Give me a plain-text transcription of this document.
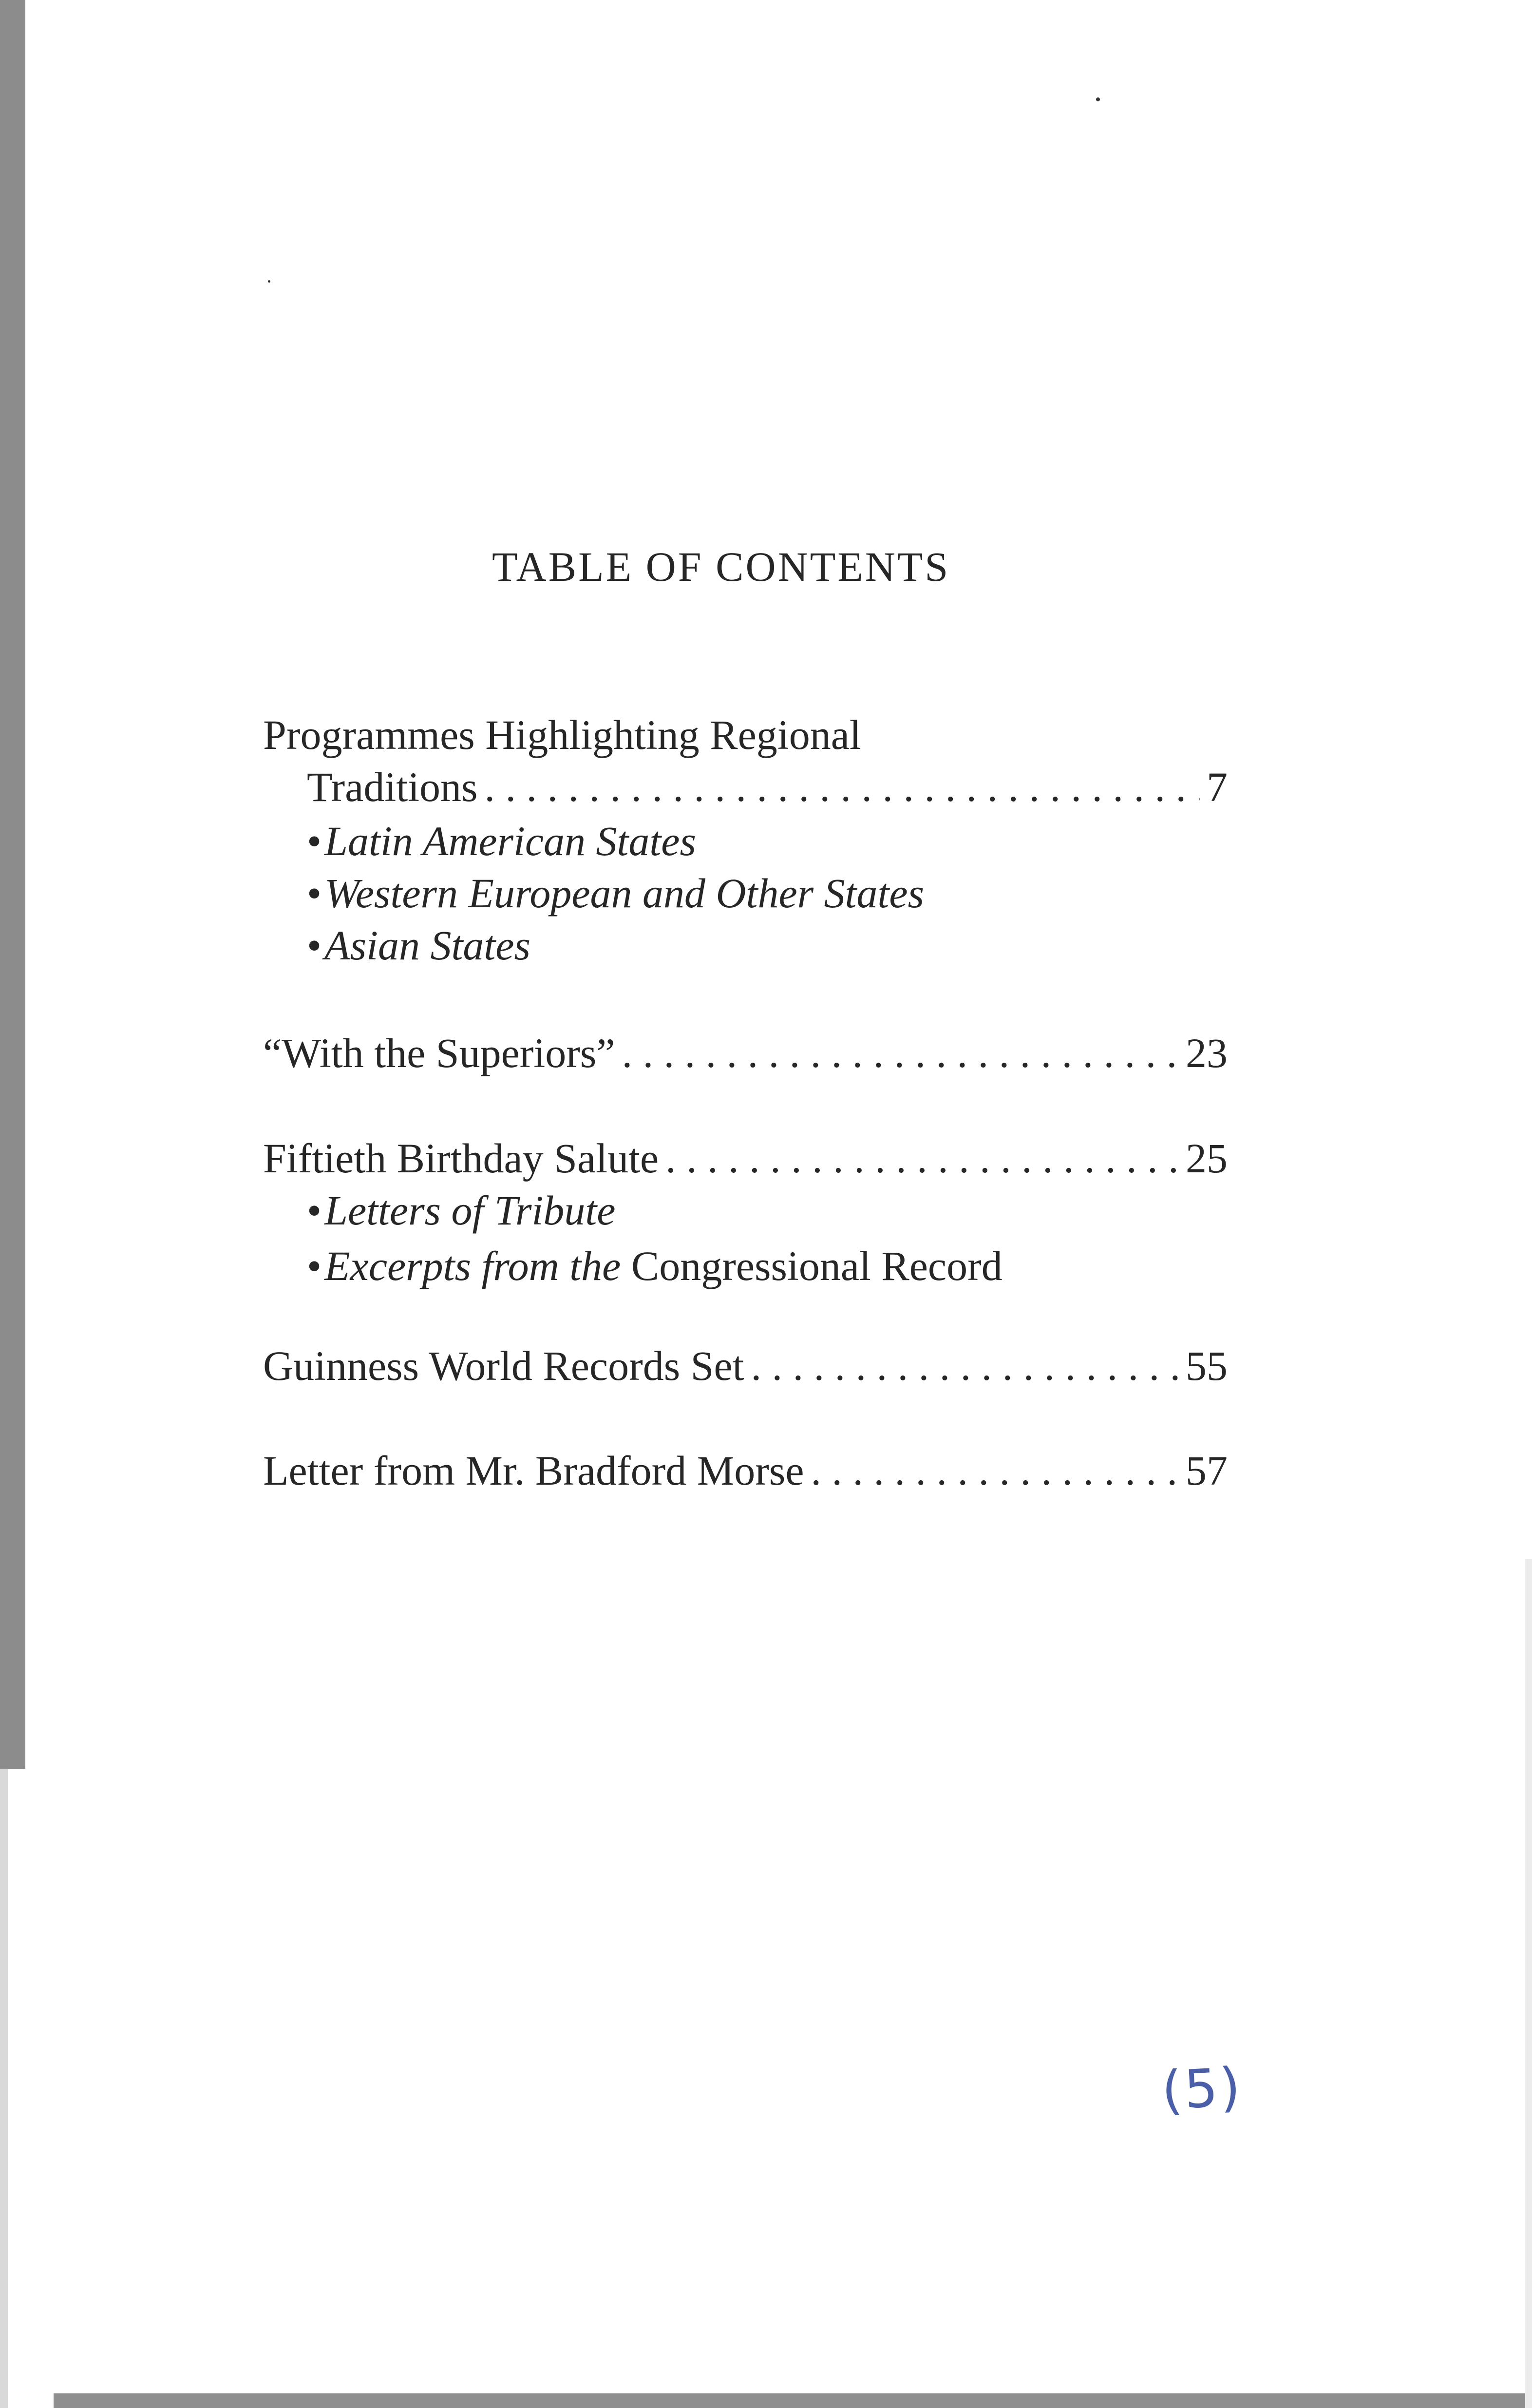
TABLE OF CONTENTS
Programmes Highlighting Regional
Traditions . . .	7
•Latin American States
•Western European and Other States
•Asian States
“With the Superiors” . . .	23
Fiftieth Birthday Salute . . .	25
•Letters of Tribute
•Excerpts from the Congressional Record
Guinness World Records Set . . .	55
Letter from Mr. Bradford Morse . . .	57
(5)
